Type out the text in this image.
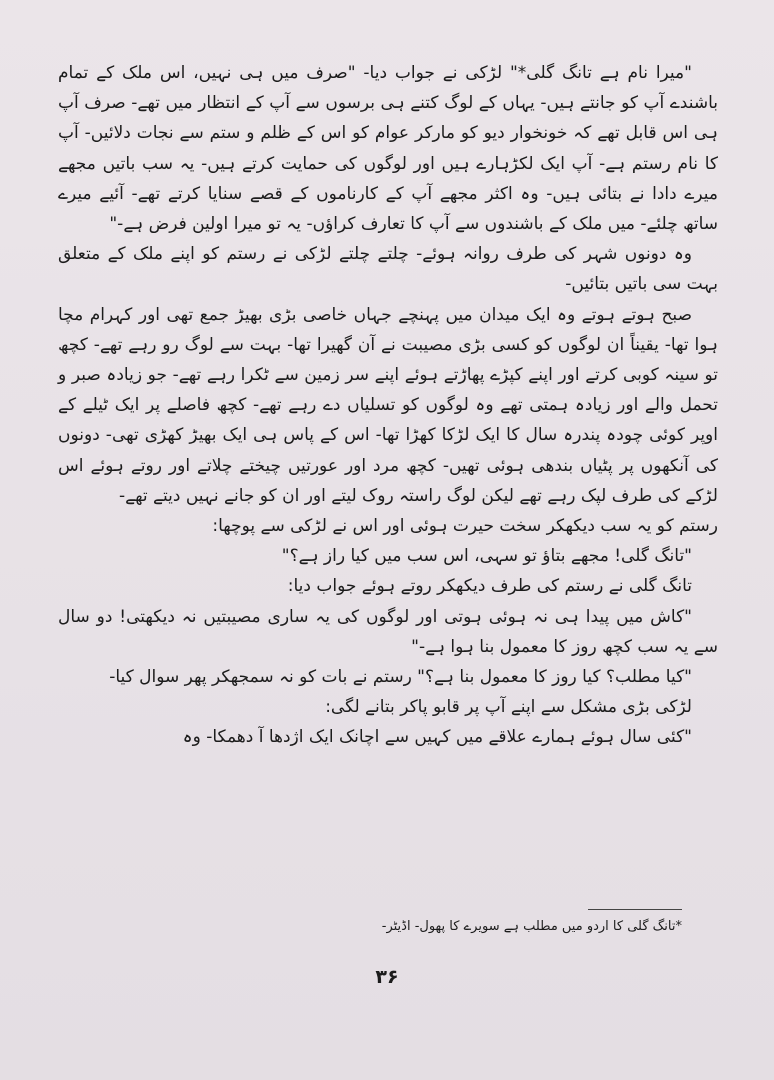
"میرا نام ہے تانگ گلی*" لڑکی نے جواب دیا- "صرف میں ہی نہیں، اس ملک کے تمام باشندے آپ کو جانتے ہیں- یہاں کے لوگ کتنے ہی برسوں سے آپ کے انتظار میں تھے- صرف آپ ہی اس قابل تھے کہ خونخوار دیو کو مارکر عوام کو اس کے ظلم و ستم سے نجات دلائیں- آپ کا نام رستم ہے- آپ ایک لکڑہارے ہیں اور لوگوں کی حمایت کرتے ہیں- یہ سب باتیں مجھے میرے دادا نے بتائی ہیں- وہ اکثر مجھے آپ کے کارناموں کے قصے سنایا کرتے تھے- آئیے میرے ساتھ چلئے- میں ملک کے باشندوں سے آپ کا تعارف کراؤں- یہ تو میرا اولین فرض ہے-"

وہ دونوں شہر کی طرف روانہ ہوئے- چلتے چلتے لڑکی نے رستم کو اپنے ملک کے متعلق بہت سی باتیں بتائیں-

صبح ہوتے ہوتے وہ ایک میدان میں پہنچے جہاں خاصی بڑی بھیڑ جمع تھی اور کہرام مچا ہوا تھا- یقیناً ان لوگوں کو کسی بڑی مصیبت نے آن گھیرا تھا- بہت سے لوگ رو رہے تھے- کچھ تو سینہ کوبی کرتے اور اپنے کپڑے پھاڑتے ہوئے اپنے سر زمین سے ٹکرا رہے تھے- جو زیادہ صبر و تحمل والے اور زیادہ ہمتی تھے وہ لوگوں کو تسلیاں دے رہے تھے- کچھ فاصلے پر ایک ٹیلے کے اوپر کوئی چودہ پندرہ سال کا ایک لڑکا کھڑا تھا- اس کے پاس ہی ایک بھیڑ کھڑی تھی- دونوں کی آنکھوں پر پٹیاں بندھی ہوئی تھیں- کچھ مرد اور عورتیں چیختے چلاتے اور روتے ہوئے اس لڑکے کی طرف لپک رہے تھے لیکن لوگ راستہ روک لیتے اور ان کو جانے نہیں دیتے تھے-

رستم کو یہ سب دیکھکر سخت حیرت ہوئی اور اس نے لڑکی سے پوچھا:

"تانگ گلی! مجھے بتاؤ تو سہی، اس سب میں کیا راز ہے؟"

تانگ گلی نے رستم کی طرف دیکھکر روتے ہوئے جواب دیا:

"کاش میں پیدا ہی نہ ہوئی ہوتی اور لوگوں کی یہ ساری مصیبتیں نہ دیکھتی! دو سال سے یہ سب کچھ روز کا معمول بنا ہوا ہے-"

"کیا مطلب؟ کیا روز کا معمول بنا ہے؟" رستم نے بات کو نہ سمجھکر پھر سوال کیا-

لڑکی بڑی مشکل سے اپنے آپ پر قابو پاکر بتانے لگی:

"کئی سال ہوئے ہمارے علاقے میں کہیں سے اچانک ایک اژدھا آ دھمکا- وہ

*تانگ گلی کا اردو میں مطلب ہے سویرے کا پھول- اڈیٹر-
۳۶
